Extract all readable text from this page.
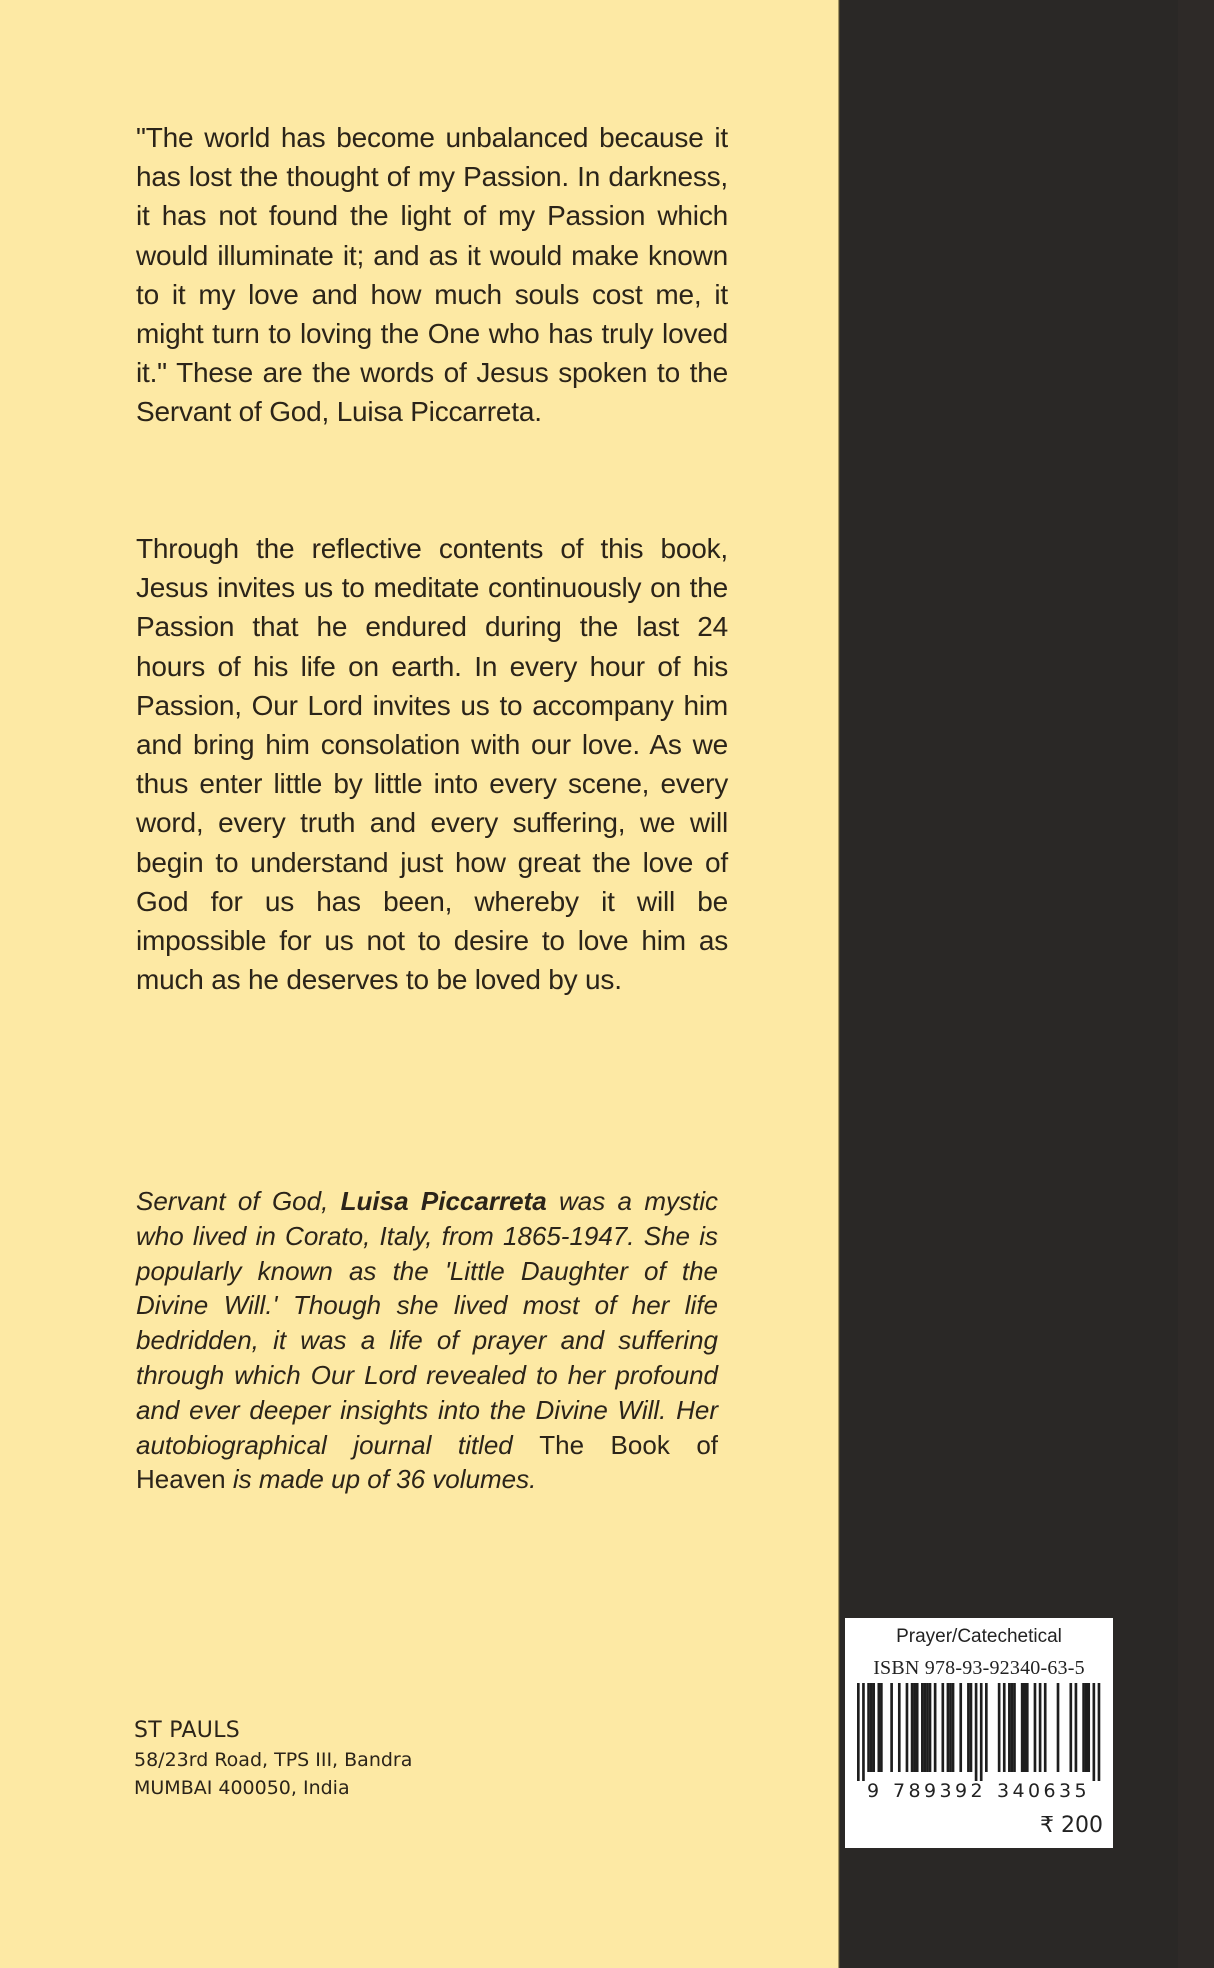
"The world has become unbalanced because it has lost the thought of my Passion. In darkness, it has not found the light of my Passion which would illuminate it; and as it would make known to it my love and how much souls cost me, it might turn to loving the One who has truly loved it." These are the words of Jesus spoken to the Servant of God, Luisa Piccarreta.

Through the reflective contents of this book, Jesus invites us to meditate continuously on the Passion that he endured during the last 24 hours of his life on earth. In every hour of his Passion, Our Lord invites us to accompany him and bring him consolation with our love. As we thus enter little by little into every scene, every word, every truth and every suffering, we will begin to understand just how great the love of God for us has been, whereby it will be impossible for us not to desire to love him as much as he deserves to be loved by us.

Servant of God, Luisa Piccarreta was a mystic who lived in Corato, Italy, from 1865-1947. She is popularly known as the 'Little Daughter of the Divine Will.' Though she lived most of her life bedridden, it was a life of prayer and suffering through which Our Lord revealed to her profound and ever deeper insights into the Divine Will. Her autobiographical journal titled The Book of Heaven is made up of 36 volumes.

ST PAULS
58/23rd Road, TPS III, Bandra
MUMBAI 400050, India
Prayer/Catechetical
ISBN 978-93-92340-63-5
9 789392 340635
₹ 200
